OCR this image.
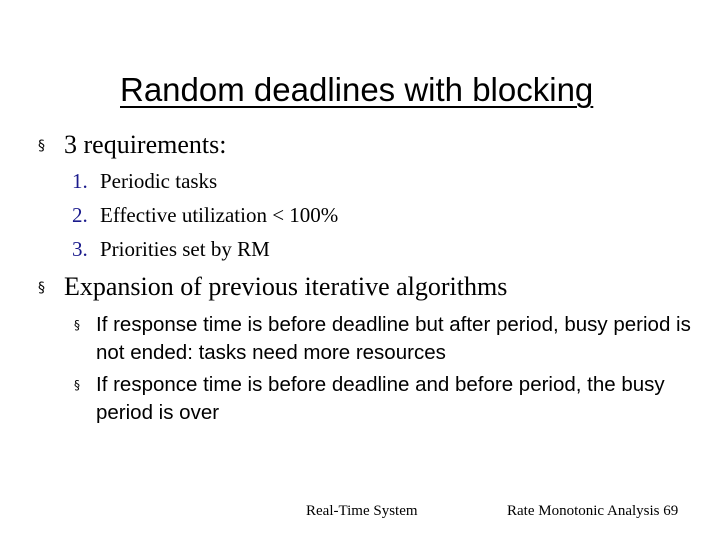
Random deadlines with blocking
§ 3 requirements:
1. Periodic tasks
2. Effective utilization < 100%
3. Priorities set by RM
§ Expansion of previous iterative algorithms
§ If response time is before deadline but after period, busy period is not ended: tasks need more resources
§ If responce time is before deadline and before period, the busy period is over
Real-Time System	Rate Monotonic Analysis 69
